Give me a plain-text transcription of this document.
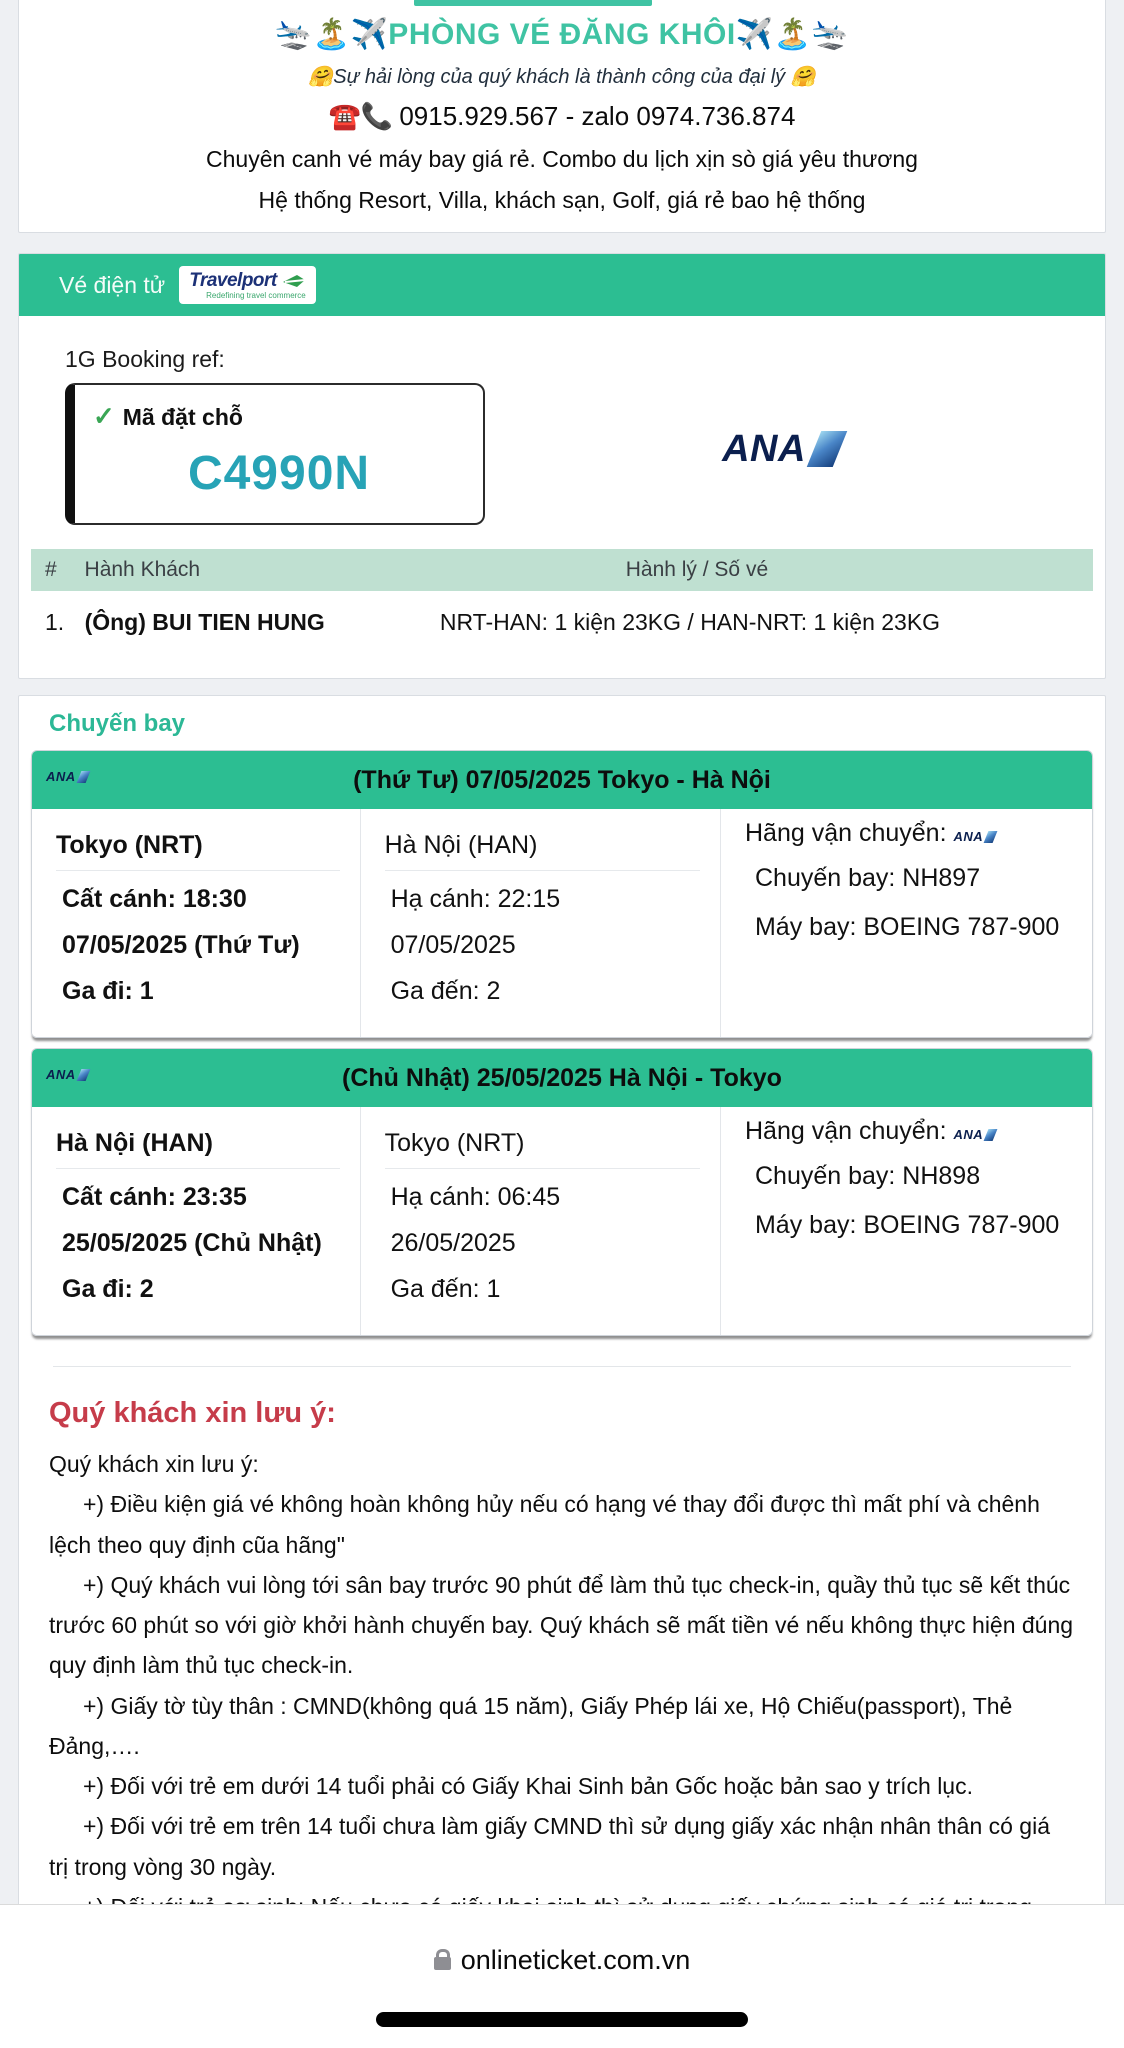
🛬🏝️✈️PHÒNG VÉ ĐĂNG KHÔI✈️🏝️🛬
🤗Sự hải lòng của quý khách là thành công của đại lý 🤗
☎️📞 0915.929.567 - zalo 0974.736.874
Chuyên canh vé máy bay giá rẻ. Combo du lịch xịn sò giá yêu thương
Hệ thống Resort, Villa, khách sạn, Golf, giá rẻ bao hệ thống
Vé điện tử Travelport
Redefining travel commerce
1G Booking ref:
✓ Mã đặt chỗ
C4990N	ANA
# Hành Khách	Hành lý / Số vé
1. (Ông) BUI TIEN HUNG	NRT-HAN: 1 kiện 23KG / HAN-NRT: 1 kiện 23KG
Chuyến bay
ANA	(Thứ Tư) 07/05/2025 Tokyo - Hà Nội
Tokyo (NRT)
Cất cánh: 18:30
07/05/2025 (Thứ Tư)
Ga đi: 1
Hà Nội (HAN)
Hạ cánh: 22:15
07/05/2025
Ga đến: 2
Hãng vận chuyển: ANA
Chuyến bay: NH897
Máy bay: BOEING 787-900
ANA	(Chủ Nhật) 25/05/2025 Hà Nội - Tokyo
Hà Nội (HAN)
Cất cánh: 23:35
25/05/2025 (Chủ Nhật)
Ga đi: 2
Tokyo (NRT)
Hạ cánh: 06:45
26/05/2025
Ga đến: 1
Hãng vận chuyển: ANA
Chuyến bay: NH898
Máy bay: BOEING 787-900
Quý khách xin lưu ý:

Quý khách xin lưu ý:

+) Điều kiện giá vé không hoàn không hủy nếu có hạng vé thay đổi được thì mất phí và chênh lệch theo quy định cũa hãng"

+) Quý khách vui lòng tới sân bay trước 90 phút để làm thủ tục check-in, quầy thủ tục sẽ kết thúc trước 60 phút so với giờ khởi hành chuyến bay. Quý khách sẽ mất tiền vé nếu không thực hiện đúng quy định làm thủ tục check-in.

+) Giấy tờ tùy thân : CMND(không quá 15 năm), Giấy Phép lái xe, Hộ Chiếu(passport), Thẻ Đảng,….

+) Đối với trẻ em dưới 14 tuổi phải có Giấy Khai Sinh bản Gốc hoặc bản sao y trích lục.

+) Đối với trẻ em trên 14 tuổi chưa làm giấy CMND thì sử dụng giấy xác nhận nhân thân có giá trị trong vòng 30 ngày.

onlineticket.com.vn
